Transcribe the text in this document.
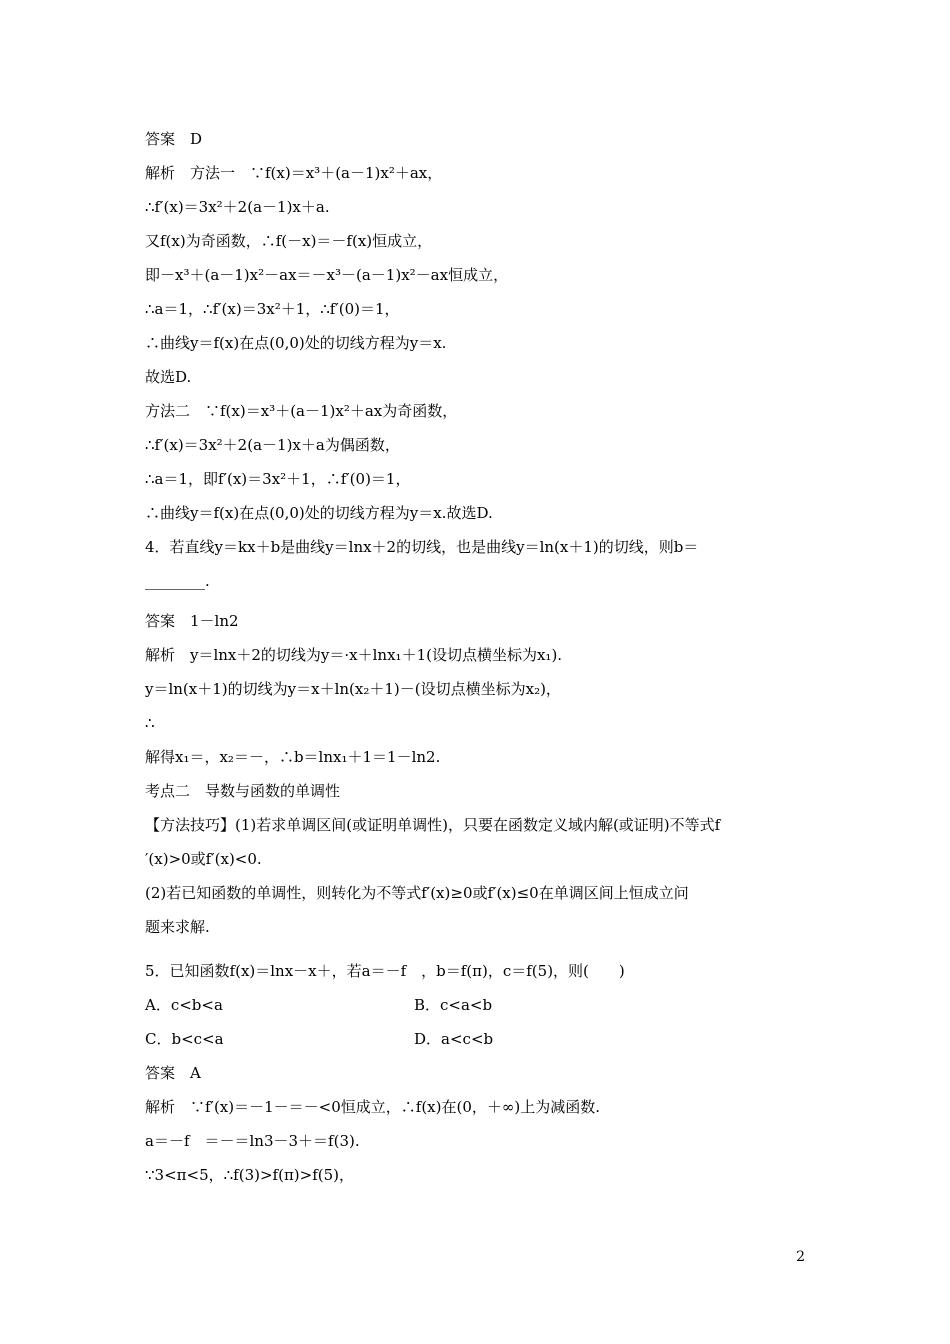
答案　D
解析　方法一　∵f(x)＝x³＋(a－1)x²＋ax，
∴f′(x)＝3x²＋2(a－1)x＋a.
又f(x)为奇函数，∴f(－x)＝－f(x)恒成立，
即－x³＋(a－1)x²－ax＝－x³－(a－1)x²－ax恒成立，
∴a＝1，∴f′(x)＝3x²＋1，∴f′(0)＝1，
∴曲线y＝f(x)在点(0,0)处的切线方程为y＝x.
故选D.
方法二　∵f(x)＝x³＋(a－1)x²＋ax为奇函数，
∴f′(x)＝3x²＋2(a－1)x＋a为偶函数，
∴a＝1，即f′(x)＝3x²＋1，∴f′(0)＝1，
∴曲线y＝f(x)在点(0,0)处的切线方程为y＝x.故选D.
4．若直线y＝kx＋b是曲线y＝lnx＋2的切线，也是曲线y＝ln(x＋1)的切线，则b＝
________.
答案　1－ln2
解析　y＝lnx＋2的切线为y＝·x＋lnx₁＋1(设切点横坐标为x₁).
y＝ln(x＋1)的切线为y＝x＋ln(x₂＋1)－(设切点横坐标为x₂)，
∴
解得x₁＝，x₂＝－，∴b＝lnx₁＋1＝1－ln2.
考点二　导数与函数的单调性
【方法技巧】(1)若求单调区间(或证明单调性)，只要在函数定义域内解(或证明)不等式f
′(x)>0或f′(x)<0.
(2)若已知函数的单调性，则转化为不等式f′(x)≥0或f′(x)≤0在单调区间上恒成立问
题来求解.
5．已知函数f(x)＝lnx－x＋，若a＝－f　，b＝f(π)，c＝f(5)，则(　　)
A．c<b<a	B．c<a<b
C．b<c<a	D．a<c<b
答案　A
解析　∵f′(x)＝－1－＝－<0恒成立，∴f(x)在(0，＋∞)上为减函数.
a＝－f　＝－＝ln3－3＋＝f(3).
∵3<π<5，∴f(3)>f(π)>f(5)，
2
